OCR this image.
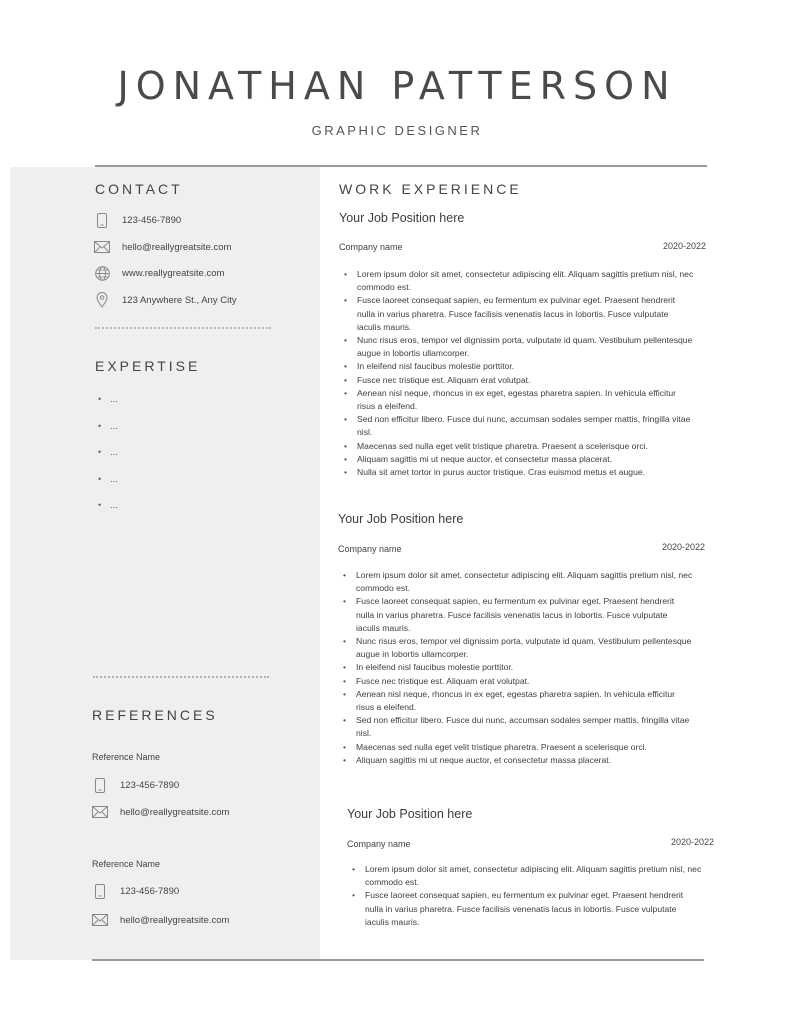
JONATHAN PATTERSON
GRAPHIC DESIGNER
CONTACT
123-456-7890
hello@reallygreatsite.com
www.reallygreatsite.com
123 Anywhere St., Any City
EXPERTISE
• ...
• ...
• ...
• ...
• ...
REFERENCES
Reference Name
123-456-7890
hello@reallygreatsite.com
Reference Name
123-456-7890
hello@reallygreatsite.com
WORK EXPERIENCE
Your Job Position here
Company name	2020-2022
• Lorem ipsum dolor sit amet, consectetur adipiscing elit. Aliquam sagittis pretium nisl, nec commodo est.
• Fusce laoreet consequat sapien, eu fermentum ex pulvinar eget. Praesent hendrerit nulla in varius pharetra. Fusce facilisis venenatis lacus in lobortis. Fusce vulputate iaculis mauris.
• Nunc risus eros, tempor vel dignissim porta, vulputate id quam. Vestibulum pellentesque augue in lobortis ullamcorper.
• In eleifend nisl faucibus molestie porttitor.
• Fusce nec tristique est. Aliquam erat volutpat.
• Aenean nisl neque, rhoncus in ex eget, egestas pharetra sapien. In vehicula efficitur risus a eleifend.
• Sed non efficitur libero. Fusce dui nunc, accumsan sodales semper mattis, fringilla vitae nisl.
• Maecenas sed nulla eget velit tristique pharetra. Praesent a scelerisque orci.
• Aliquam sagittis mi ut neque auctor, et consectetur massa placerat.
• Nulla sit amet tortor in purus auctor tristique. Cras euismod metus et augue.
Your Job Position here
Company name	2020-2022
• Lorem ipsum dolor sit amet, consectetur adipiscing elit. Aliquam sagittis pretium nisl, nec commodo est.
• Fusce laoreet consequat sapien, eu fermentum ex pulvinar eget. Praesent hendrerit nulla in varius pharetra. Fusce facilisis venenatis lacus in lobortis. Fusce vulputate iaculis mauris.
• Nunc risus eros, tempor vel dignissim porta, vulputate id quam. Vestibulum pellentesque augue in lobortis ullamcorper.
• In eleifend nisl faucibus molestie porttitor.
• Fusce nec tristique est. Aliquam erat volutpat.
• Aenean nisl neque, rhoncus in ex eget, egestas pharetra sapien. In vehicula efficitur risus a eleifend.
• Sed non efficitur libero. Fusce dui nunc, accumsan sodales semper mattis, fringilla vitae nisl.
• Maecenas sed nulla eget velit tristique pharetra. Praesent a scelerisque orci.
• Aliquam sagittis mi ut neque auctor, et consectetur massa placerat.
Your Job Position here
Company name	2020-2022
• Lorem ipsum dolor sit amet, consectetur adipiscing elit. Aliquam sagittis pretium nisl, nec commodo est.
• Fusce laoreet consequat sapien, eu fermentum ex pulvinar eget. Praesent hendrerit nulla in varius pharetra. Fusce facilisis venenatis lacus in lobortis. Fusce vulputate iaculis mauris.
